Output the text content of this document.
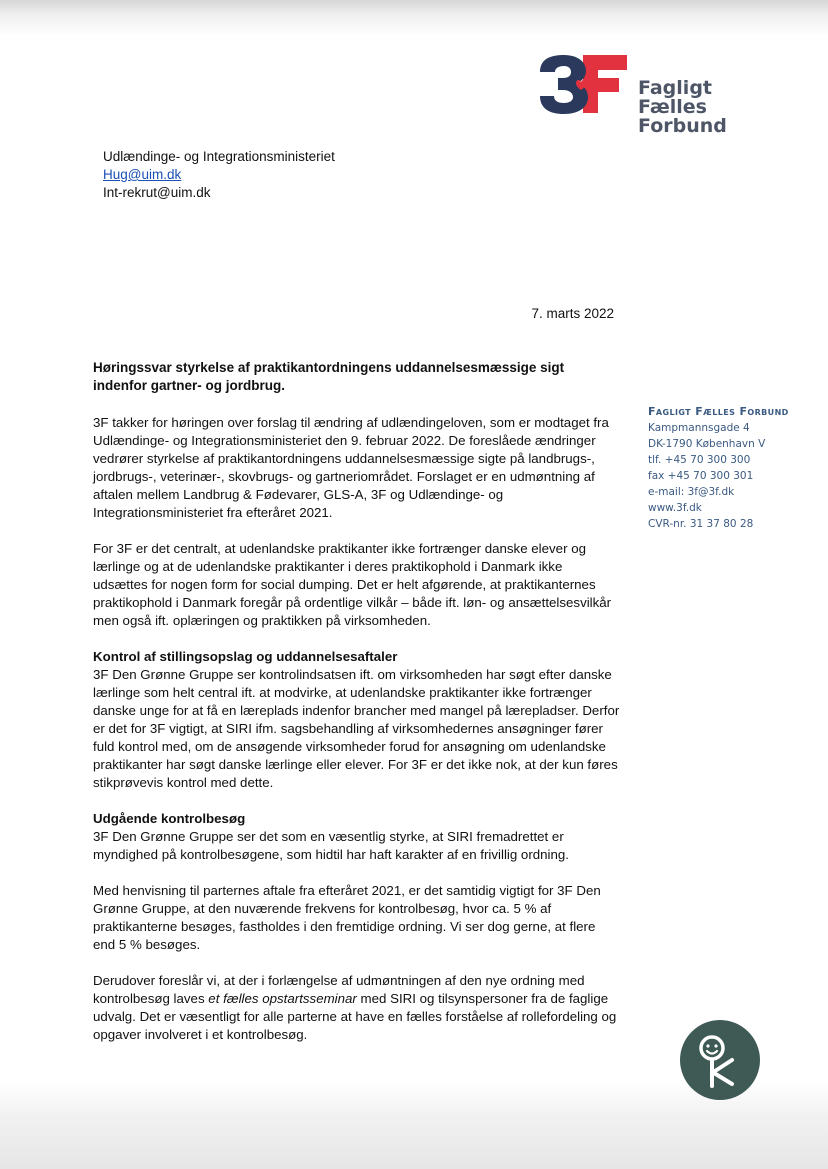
Fagligt Fælles Forbund
Udlændinge- og Integrationsministeriet
Hug@uim.dk
Int-rekrut@uim.dk
7. marts 2022
Høringssvar styrkelse af praktikantordningens uddannelsesmæssige sigt indenfor gartner- og jordbrug.
Fagligt Fælles Forbund
Kampmannsgade 4
DK-1790 København V
tlf. +45 70 300 300
fax +45 70 300 301
e-mail: 3f@3f.dk
www.3f.dk
CVR-nr. 31 37 80 28

3F takker for høringen over forslag til ændring af udlændingeloven, som er modtaget fra Udlændinge- og Integrationsministeriet den 9. februar 2022. De foreslåede ændringer vedrører styrkelse af praktikantordningens uddannelsesmæssige sigte på landbrugs-, jordbrugs-, veterinær-, skovbrugs- og gartneriområdet. Forslaget er en udmøntning af aftalen mellem Landbrug & Fødevarer, GLS-A, 3F og Udlændinge- og Integrationsministeriet fra efteråret 2021.

For 3F er det centralt, at udenlandske praktikanter ikke fortrænger danske elever og lærlinge og at de udenlandske praktikanter i deres praktikophold i Danmark ikke udsættes for nogen form for social dumping. Det er helt afgørende, at praktikanternes praktikophold i Danmark foregår på ordentlige vilkår – både ift. løn- og ansættelsesvilkår men også ift. oplæringen og praktikken på virksomheden.

Kontrol af stillingsopslag og uddannelsesaftaler

3F Den Grønne Gruppe ser kontrolindsatsen ift. om virksomheden har søgt efter danske lærlinge som helt central ift. at modvirke, at udenlandske praktikanter ikke fortrænger danske unge for at få en læreplads indenfor brancher med mangel på lærepladser. Derfor er det for 3F vigtigt, at SIRI ifm. sagsbehandling af virksomhedernes ansøgninger fører fuld kontrol med, om de ansøgende virksomheder forud for ansøgning om udenlandske praktikanter har søgt danske lærlinge eller elever. For 3F er det ikke nok, at der kun føres stikprøvevis kontrol med dette.

Udgående kontrolbesøg

3F Den Grønne Gruppe ser det som en væsentlig styrke, at SIRI fremadrettet er myndighed på kontrolbesøgene, som hidtil har haft karakter af en frivillig ordning.

Med henvisning til parternes aftale fra efteråret 2021, er det samtidig vigtigt for 3F Den Grønne Gruppe, at den nuværende frekvens for kontrolbesøg, hvor ca. 5 % af praktikanterne besøges, fastholdes i den fremtidige ordning. Vi ser dog gerne, at flere end 5 % besøges.

Derudover foreslår vi, at der i forlængelse af udmøntningen af den nye ordning med kontrolbesøg laves et fælles opstartsseminar med SIRI og tilsynspersoner fra de faglige udvalg. Det er væsentligt for alle parterne at have en fælles forståelse af rollefordeling og opgaver involveret i et kontrolbesøg.
